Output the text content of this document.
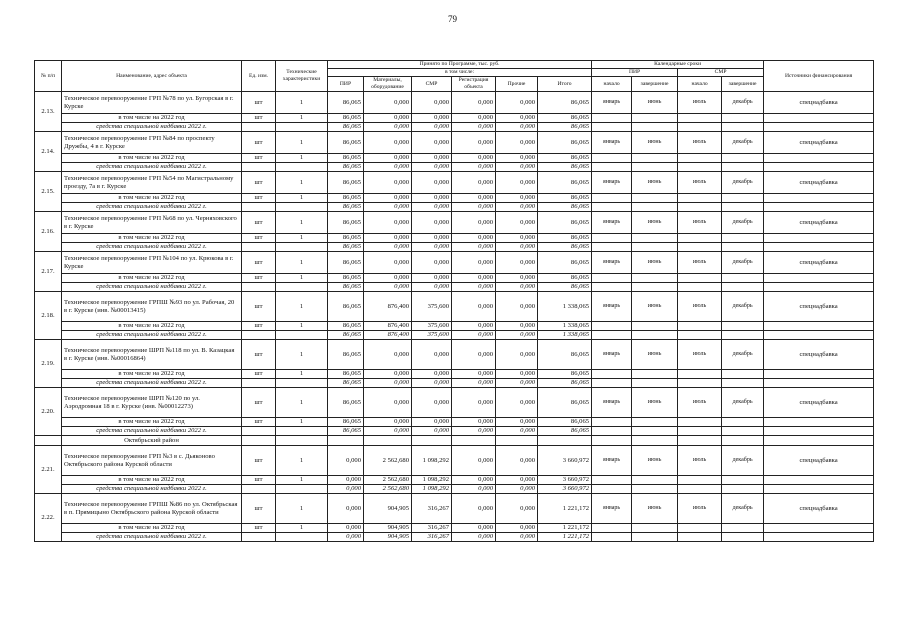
79
№ п/п	Наименование, адрес объекта	Ед. изм.	Технические характеристики	Принято по Программе, тыс. руб.						Календарные сроки				Источники финансирования
				в том числе:						ПИР		СМР		
				ПИР	Материалы, оборудование	СМР	Регистрация объекта	Прочие	Итого	начало	завершение	начало	завершение	
2.13.	Техническое перевооружение ГРП №78 по ул. Бугорская в г. Курске	шт	1	86,065	0,000	0,000	0,000	0,000	86,065	январь	июнь	июль	декабрь	спецнадбавка
	в том числе на 2022 год	шт	1	86,065	0,000	0,000	0,000	0,000	86,065					
	средства специальной надбавки 2022 г.			86,065	0,000	0,000	0,000	0,000	86,065					
2.14.	Техническое перевооружение ГРП №84 по проспекту Дружбы, 4 в г. Курске	шт	1	86,065	0,000	0,000	0,000	0,000	86,065	январь	июнь	июль	декабрь	спецнадбавка
	в том числе на 2022 год	шт	1	86,065	0,000	0,000	0,000	0,000	86,065					
	средства специальной надбавки 2022 г.			86,065	0,000	0,000	0,000	0,000	86,065					
2.15.	Техническое перевооружение ГРП №54 по Магистральному проезду, 7а в г. Курске	шт	1	86,065	0,000	0,000	0,000	0,000	86,065	январь	июнь	июль	декабрь	спецнадбавка
	в том числе на 2022 год	шт	1	86,065	0,000	0,000	0,000	0,000	86,065					
	средства специальной надбавки 2022 г.			86,065	0,000	0,000	0,000	0,000	86,065					
2.16.	Техническое перевооружение ГРП №68 по ул. Черняховского в г. Курске	шт	1	86,065	0,000	0,000	0,000	0,000	86,065	январь	июнь	июль	декабрь	спецнадбавка
	в том числе на 2022 год	шт	1	86,065	0,000	0,000	0,000	0,000	86,065					
	средства специальной надбавки 2022 г.			86,065	0,000	0,000	0,000	0,000	86,065					
2.17.	Техническое перевооружение ГРП №104 по ул. Крюкова в г. Курске	шт	1	86,065	0,000	0,000	0,000	0,000	86,065	январь	июнь	июль	декабрь	спецнадбавка
	в том числе на 2022 год	шт	1	86,065	0,000	0,000	0,000	0,000	86,065					
	средства специальной надбавки 2022 г.			86,065	0,000	0,000	0,000	0,000	86,065					
2.18.	Техническое перевооружение ГРПШ №93 по ул. Рабочая, 20 в г. Курске (инв. №00013415)	шт	1	86,065	876,400	375,600	0,000	0,000	1 338,065	январь	июнь	июль	декабрь	спецнадбавка
	в том числе на 2022 год	шт	1	86,065	876,400	375,600	0,000	0,000	1 338,065					
	средства специальной надбавки 2022 г.			86,065	876,400	375,600	0,000	0,000	1 338,065					
2.19.	Техническое перевооружение ШРП №118 по ул. В. Казацкая в г. Курске (инв. №00016864)	шт	1	86,065	0,000	0,000	0,000	0,000	86,065	январь	июнь	июль	декабрь	спецнадбавка
	в том числе на 2022 год	шт	1	86,065	0,000	0,000	0,000	0,000	86,065					
	средства специальной надбавки 2022 г.			86,065	0,000	0,000	0,000	0,000	86,065					
2.20.	Техническое перевооружение ШРП №120 по ул. Аэродромная 18 в г. Курске (инв. №00012273)	шт	1	86,065	0,000	0,000	0,000	0,000	86,065	январь	июнь	июль	декабрь	спецнадбавка
	в том числе на 2022 год	шт	1	86,065	0,000	0,000	0,000	0,000	86,065					
	средства специальной надбавки 2022 г.			86,065	0,000	0,000	0,000	0,000	86,065					
	Октябрьский район													
2.21.	Техническое перевооружение ГРП №3 в с. Дьяконово Октябрьского района Курской области	шт	1	0,000	2 562,680	1 098,292	0,000	0,000	3 660,972	январь	июнь	июль	декабрь	спецнадбавка
	в том числе на 2022 год	шт	1	0,000	2 562,680	1 098,292	0,000	0,000	3 660,972					
	средства специальной надбавки 2022 г.			0,000	2 562,680	1 098,292	0,000	0,000	3 660,972					
2.22.	Техническое перевооружение ГРПШ №86 по ул. Октябрьская в п. Прямицыно Октябрьского района Курской области	шт	1	0,000	904,905	316,267	0,000	0,000	1 221,172	январь	июнь	июль	декабрь	спецнадбавка
	в том числе на 2022 год	шт	1	0,000	904,905	316,267	0,000	0,000	1 221,172					
	средства специальной надбавки 2022 г.			0,000	904,905	316,267	0,000	0,000	1 221,172					
